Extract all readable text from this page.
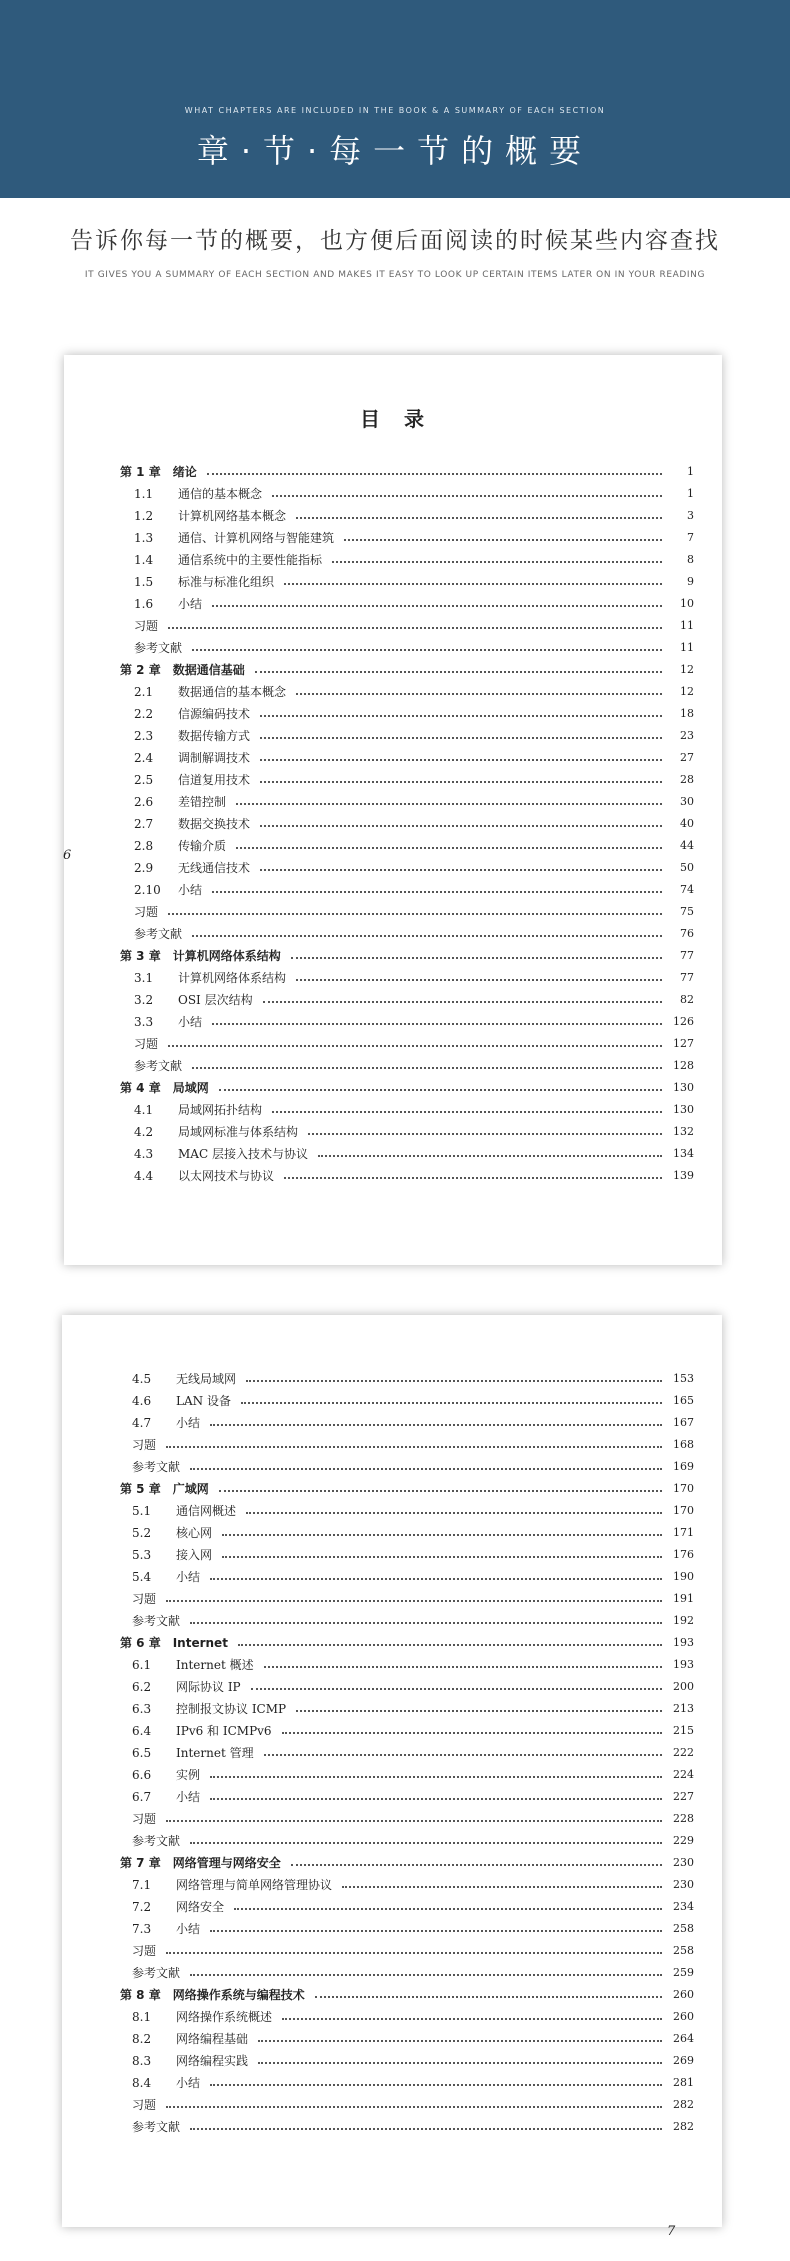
WHAT CHAPTERS ARE INCLUDED IN THE BOOK & A SUMMARY OF EACH SECTION
章·节·每一节的概要
告诉你每一节的概要，也方便后面阅读的时候某些内容查找
IT GIVES YOU A SUMMARY OF EACH SECTION AND MAKES IT EASY TO LOOK UP CERTAIN ITEMS LATER ON IN YOUR READING
目　录
第 1 章　绪论	1
1.1 通信的基本概念	1
1.2 计算机网络基本概念	3
1.3 通信、计算机网络与智能建筑	7
1.4 通信系统中的主要性能指标	8
1.5 标准与标准化组织	9
1.6 小结	10
习题	11
参考文献	11
第 2 章　数据通信基础	12
2.1 数据通信的基本概念	12
2.2 信源编码技术	18
2.3 数据传输方式	23
2.4 调制解调技术	27
2.5 信道复用技术	28
2.6 差错控制	30
2.7 数据交换技术	40
2.8 传输介质	44
2.9 无线通信技术	50
2.10 小结	74
习题	75
参考文献	76
第 3 章　计算机网络体系结构	77
3.1 计算机网络体系结构	77
3.2 OSI 层次结构	82
3.3 小结	126
习题	127
参考文献	128
第 4 章　局域网	130
4.1 局域网拓扑结构	130
4.2 局域网标准与体系结构	132
4.3 MAC 层接入技术与协议	134
4.4 以太网技术与协议	139
6
4.5 无线局域网	153
4.6 LAN 设备	165
4.7 小结	167
习题	168
参考文献	169
第 5 章　广域网	170
5.1 通信网概述	170
5.2 核心网	171
5.3 接入网	176
5.4 小结	190
习题	191
参考文献	192
第 6 章　Internet	193
6.1 Internet 概述	193
6.2 网际协议 IP	200
6.3 控制报文协议 ICMP	213
6.4 IPv6 和 ICMPv6	215
6.5 Internet 管理	222
6.6 实例	224
6.7 小结	227
习题	228
参考文献	229
第 7 章　网络管理与网络安全	230
7.1 网络管理与简单网络管理协议	230
7.2 网络安全	234
7.3 小结	258
习题	258
参考文献	259
第 8 章　网络操作系统与编程技术	260
8.1 网络操作系统概述	260
8.2 网络编程基础	264
8.3 网络编程实践	269
8.4 小结	281
习题	282
参考文献	282
7
